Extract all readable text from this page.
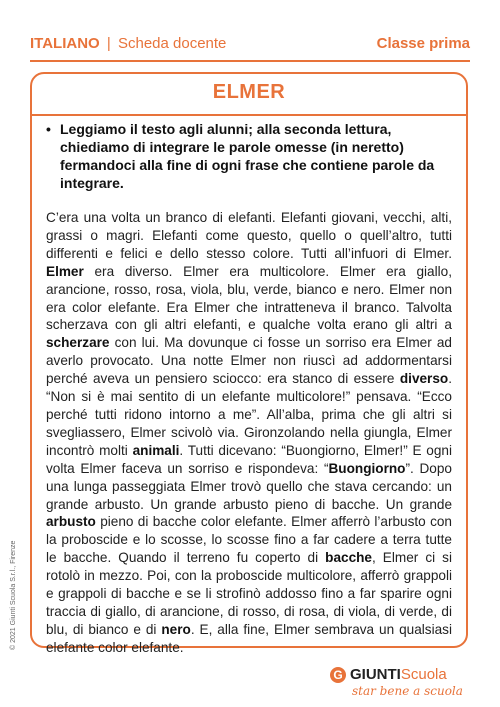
ITALIANO | Scheda docente	Classe prima
ELMER
• Leggiamo il testo agli alunni; alla seconda lettura, chiediamo di integrare le parole omesse (in neretto) fermandoci alla fine di ogni frase che contiene parole da integrare.
C’era una volta un branco di elefanti. Elefanti giovani, vecchi, alti, grassi o magri. Elefanti come questo, quello o quell’altro, tutti differenti e felici e dello stesso colore. Tutti all’infuori di Elmer. Elmer era diverso. Elmer era multicolore. Elmer era giallo, arancione, rosso, rosa, viola, blu, verde, bianco e nero. Elmer non era color elefante. Era Elmer che intratteneva il branco. Talvolta scherzava con gli altri elefanti, e qualche volta erano gli altri a scherzare con lui. Ma dovunque ci fosse un sorriso era Elmer ad averlo provocato. Una notte Elmer non riuscì ad addormentarsi perché aveva un pensiero sciocco: era stanco di essere diverso. “Non si è mai sentito di un elefante multicolore!” pensava. “Ecco perché tutti ridono intorno a me”. All’alba, prima che gli altri si svegliassero, Elmer scivolò via. Gironzolando nella giungla, Elmer incontrò molti animali. Tutti dicevano: “Buongiorno, Elmer!” E ogni volta Elmer faceva un sorriso e rispondeva: “Buongiorno”. Dopo una lunga passeggiata Elmer trovò quello che stava cercando: un grande arbusto. Un grande arbusto pieno di bacche. Un grande arbusto pieno di bacche color elefante. Elmer afferrò l’arbusto con la proboscide e lo scosse, lo scosse fino a far cadere a terra tutte le bacche. Quando il terreno fu coperto di bacche, Elmer ci si rotolò in mezzo. Poi, con la proboscide multicolore, afferrò grappoli e grappoli di bacche e se li strofinò addosso fino a far sparire ogni traccia di giallo, di arancione, di rosso, di rosa, di viola, di verde, di blu, di bianco e di nero. E, alla fine, Elmer sembrava un qualsiasi elefante color elefante.
© 2021 Giunti Scuola S.r.l., Firenze
G GIUNTIScuola
star bene a scuola
